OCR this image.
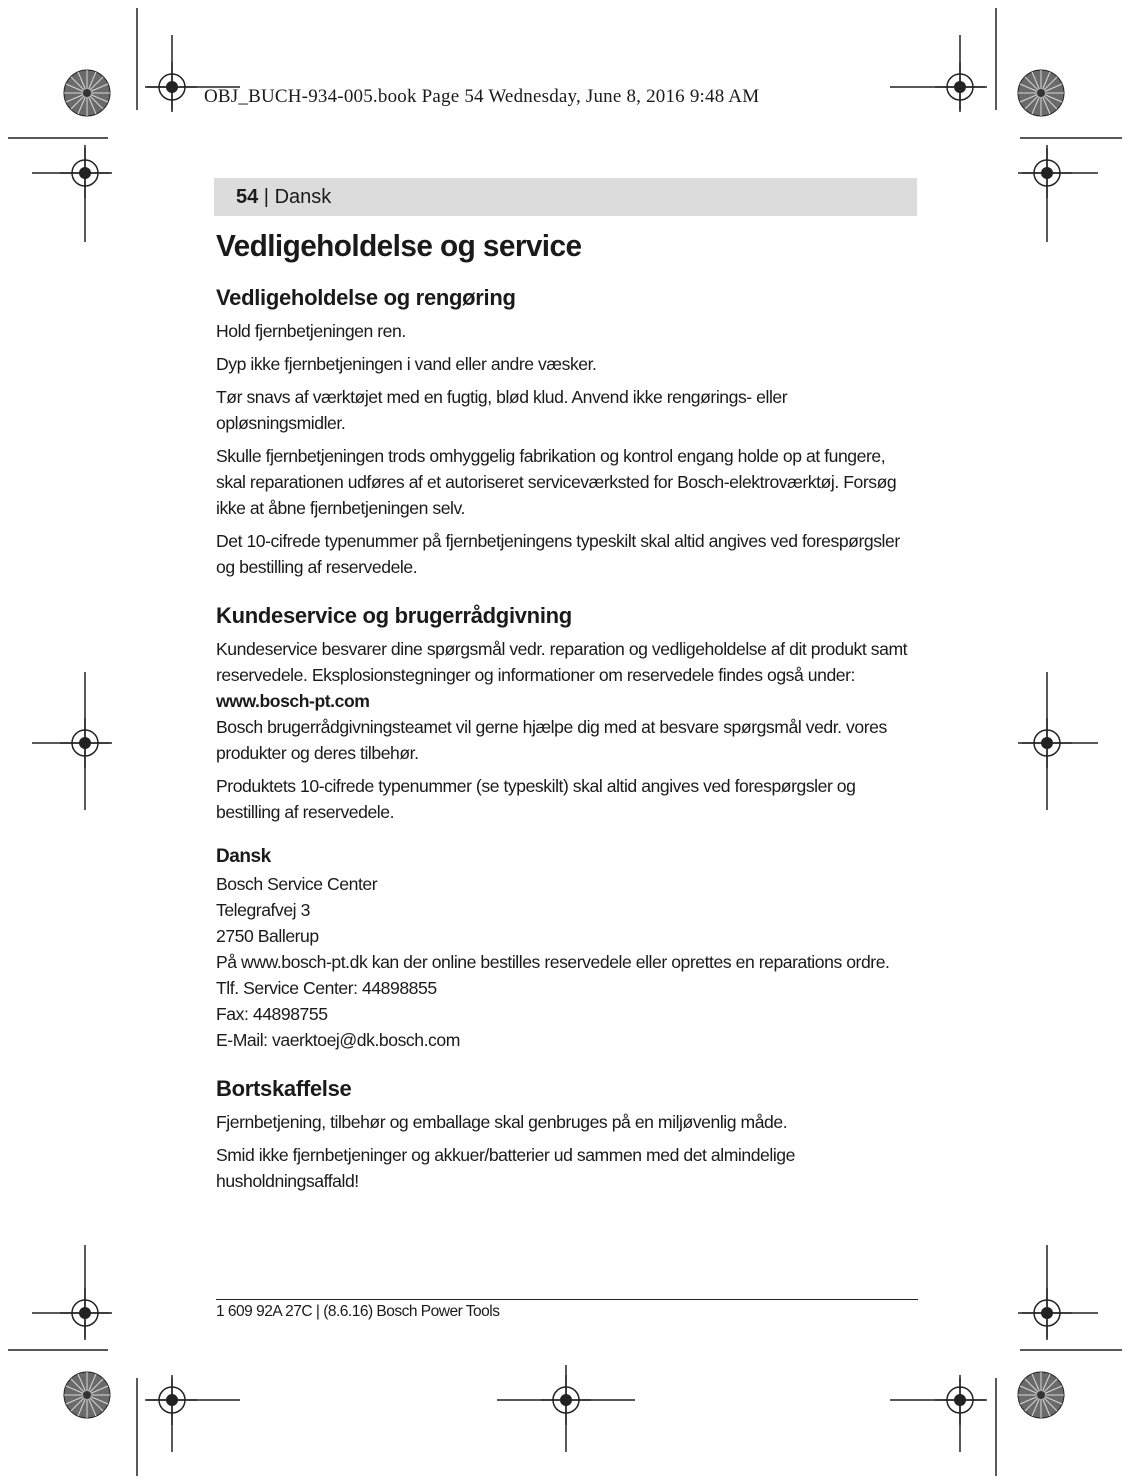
OBJ_BUCH-934-005.book Page 54 Wednesday, June 8, 2016 9:48 AM
54 | Dansk
Vedligeholdelse og service
Vedligeholdelse og rengøring

Hold fjernbetjeningen ren.

Dyp ikke fjernbetjeningen i vand eller andre væsker.

Tør snavs af værktøjet med en fugtig, blød klud. Anvend ikke rengørings- eller opløsningsmidler.

Skulle fjernbetjeningen trods omhyggelig fabrikation og kontrol engang holde op at fungere, skal reparationen udføres af et autoriseret serviceværksted for Bosch-elektroværktøj. Forsøg ikke at åbne fjernbetjeningen selv.

Det 10-cifrede typenummer på fjernbetjeningens typeskilt skal altid angives ved forespørgsler og bestilling af reservedele.

Kundeservice og brugerrådgivning

Kundeservice besvarer dine spørgsmål vedr. reparation og vedligeholdelse af dit produkt samt reservedele. Eksplosionstegninger og informationer om reservedele findes også under:

www.bosch-pt.com

Bosch brugerrådgivningsteamet vil gerne hjælpe dig med at besvare spørgsmål vedr. vores produkter og deres tilbehør.

Produktets 10-cifrede typenummer (se typeskilt) skal altid angives ved forespørgsler og bestilling af reservedele.

Dansk

Bosch Service Center

Telegrafvej 3

2750 Ballerup

På www.bosch-pt.dk kan der online bestilles reservedele eller oprettes en reparations ordre.

Tlf. Service Center: 44898855

Fax: 44898755

E-Mail: vaerktoej@dk.bosch.com

Bortskaffelse

Fjernbetjening, tilbehør og emballage skal genbruges på en miljøvenlig måde.

Smid ikke fjernbetjeninger og akkuer/batterier ud sammen med det almindelige husholdningsaffald!

1 609 92A 27C | (8.6.16) Bosch Power Tools
